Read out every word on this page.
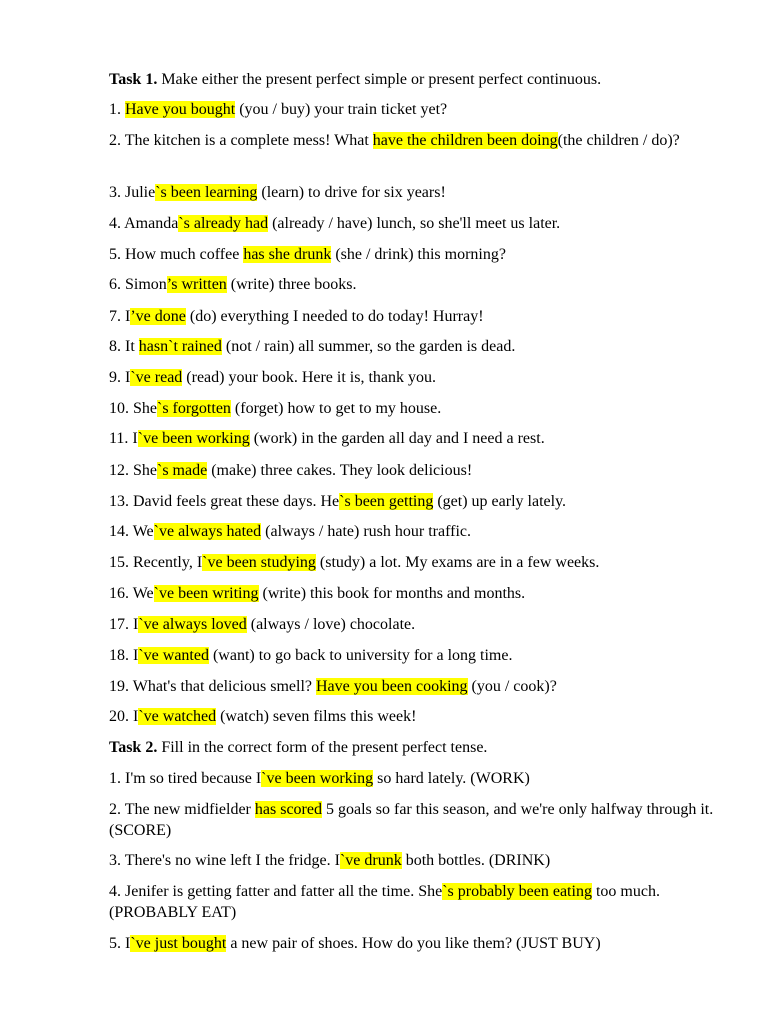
Task 1. Make either the present perfect simple or present perfect continuous.
1. Have you bought (you / buy) your train ticket yet?
2. The kitchen is a complete mess! What have the children been doing(the children / do)?
3. Julie`s been learning (learn) to drive for six years!
4. Amanda`s already had (already / have) lunch, so she'll meet us later.
5. How much coffee has she drunk (she / drink) this morning?
6. Simon’s written (write) three books.
7. I’ve done (do) everything I needed to do today! Hurray!
8. It hasn`t rained (not / rain) all summer, so the garden is dead.
9. I`ve read (read) your book. Here it is, thank you.
10. She`s forgotten (forget) how to get to my house.
11. I`ve been working (work) in the garden all day and I need a rest.
12. She`s made (make) three cakes. They look delicious!
13. David feels great these days. He`s been getting (get) up early lately.
14. We`ve always hated (always / hate) rush hour traffic.
15. Recently, I`ve been studying (study) a lot. My exams are in a few weeks.
16. We`ve been writing (write) this book for months and months.
17. I`ve always loved (always / love) chocolate.
18. I`ve wanted (want) to go back to university for a long time.
19. What's that delicious smell? Have you been cooking (you / cook)?
20. I`ve watched (watch) seven films this week!
Task 2. Fill in the correct form of the present perfect tense.
1. I'm so tired because I`ve been working so hard lately. (WORK)
2. The new midfielder has scored 5 goals so far this season, and we're only halfway through it. (SCORE)
3. There's no wine left I the fridge. I`ve drunk both bottles. (DRINK)
4. Jenifer is getting fatter and fatter all the time. She`s probably been eating too much. (PROBABLY EAT)
5. I`ve just bought a new pair of shoes. How do you like them? (JUST BUY)
